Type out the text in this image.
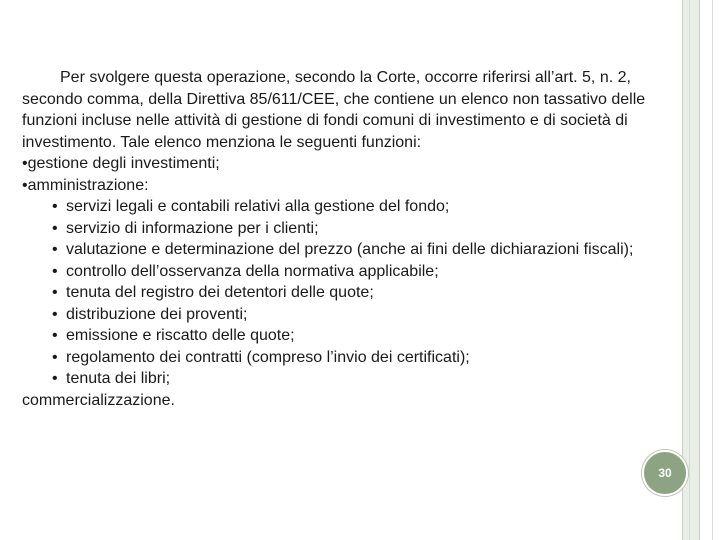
Per svolgere questa operazione, secondo la Corte, occorre riferirsi all’art. 5, n. 2, secondo comma, della Direttiva 85/611/CEE, che contiene un elenco non tassativo delle funzioni incluse nelle attività di gestione di fondi comuni di investimento e di società di investimento. Tale elenco menziona le seguenti funzioni:

•gestione degli investimenti;

•amministrazione:

• servizi legali e contabili relativi alla gestione del fondo;
• servizio di informazione per i clienti;
• valutazione e determinazione del prezzo (anche ai fini delle dichiarazioni fiscali);
• controllo dell’osservanza della normativa applicabile;
• tenuta del registro dei detentori delle quote;
• distribuzione dei proventi;
• emissione e riscatto delle quote;
• regolamento dei contratti (compreso l’invio dei certificati);
• tenuta dei libri;

commercializzazione.

30
